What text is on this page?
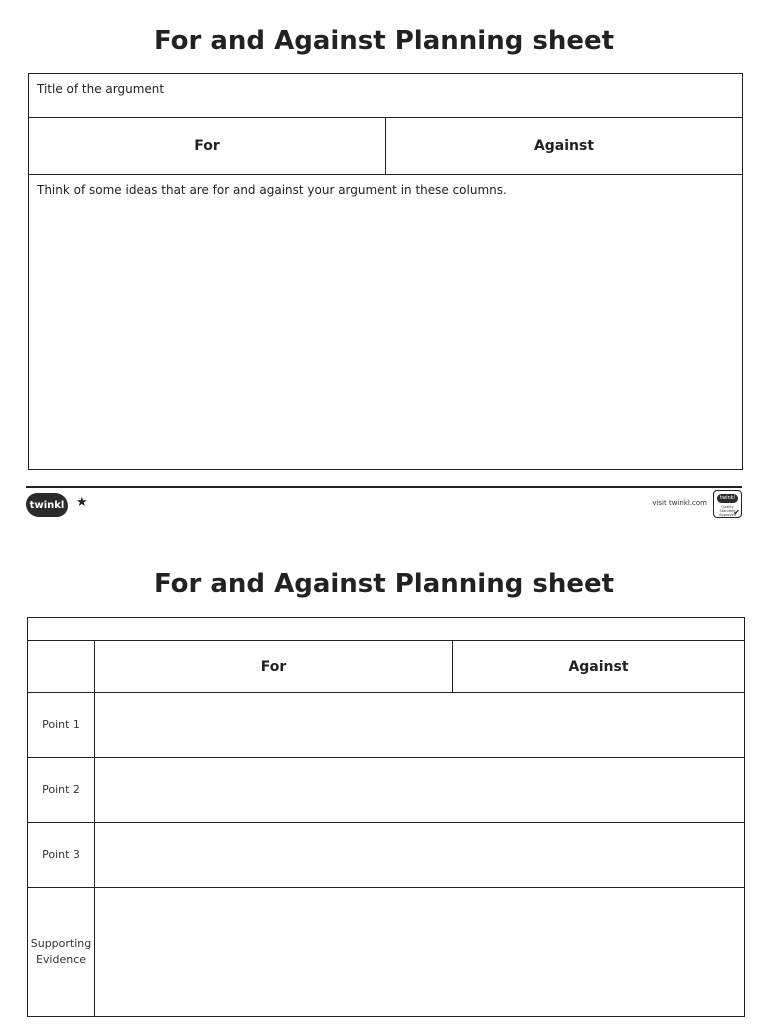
For and Against Planning sheet
Title of the argument
For	Against
Think of some ideas that are for and against your argument in these columns.
twinkl ★	visit twinkl.com
twinkl
Quality Standard Approved
✔
For and Against Planning sheet
For	Against
Point 1
Point 2
Point 3
Supporting Evidence
